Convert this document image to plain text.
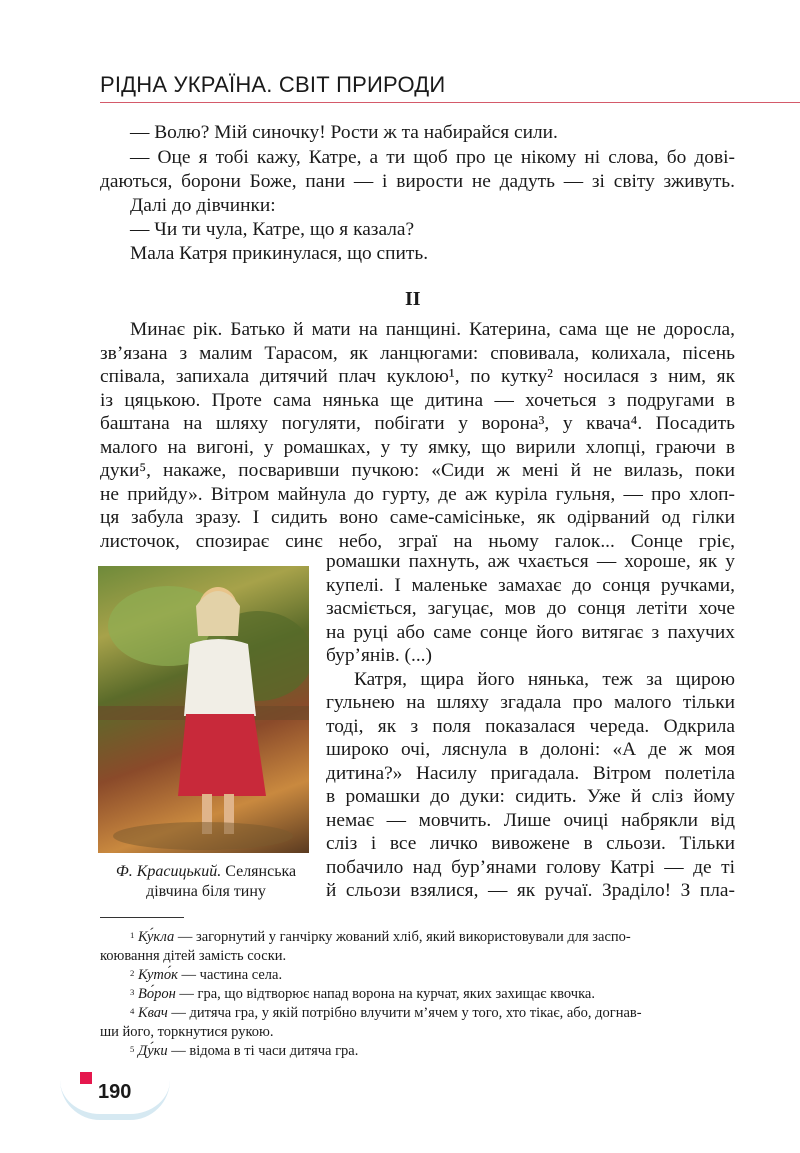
РІДНА УКРАЇНА. СВІТ ПРИРОДИ
— Волю? Мій синочку! Рости ж та набирайся сили.
— Оце я тобі кажу, Катре, а ти щоб про це нікому ні слова, бо дові-
даються, борони Боже, пани — і вирости не дадуть — зі світу зживуть.
Далі до дівчинки:
— Чи ти чула, Катре, що я казала?
Мала Катря прикинулася, що спить.
II
Минає рік. Батько й мати на панщині. Катерина, сама ще не доросла,
зв’язана з малим Тарасом, як ланцюгами: сповивала, колихала, пісень
співала, запихала дитячий плач куклою¹, по кутку² носилася з ним, як
із цяцькою. Проте сама нянька ще дитина — хочеться з подругами в
баштана на шляху погуляти, побігати у ворона³, у квача⁴. Посадить
малого на вигоні, у ромашках, у ту ямку, що вирили хлопці, граючи в
дуки⁵, накаже, посваривши пучкою: «Сиди ж мені й не вилазь, поки
не прийду». Вітром майнула до гурту, де аж куріла гульня, — про хлоп-
ця забула зразу. І сидить воно саме-самісіньке, як одірваний од гілки
листочок, спозирає синє небо, зграї на ньому галок... Сонце гріє,
Ф. Красицький. Селянська
дівчина біля тину
ромашки пахнуть, аж чхається — хороше, як у
купелі. І маленьке замахає до сонця ручками,
засміється, загуцає, мов до сонця летіти хоче
на руці або саме сонце його витягає з пахучих
бур’янів. (...)
Катря, щира його нянька, теж за щирою
гульнею на шляху згадала про малого тільки
тоді, як з поля показалася череда. Одкрила
широко очі, ляснула в долоні: «А де ж моя
дитина?» Насилу пригадала. Вітром полетіла
в ромашки до дуки: сидить. Уже й сліз йому
немає — мовчить. Лише очиці набрякли від
сліз і все личко вивожене в сльози. Тільки
побачило над бур’янами голову Катрі — де ті
й сльози взялися, — як ручаї. Зраділо! З пла-
$^1$ Ку́кла — загорнутий у ганчірку жований хліб, який використовували для заспо-
коювання дітей замість соски.
$^2$ Куто́к — частина села.
$^3$ Во́рон — гра, що відтворює напад ворона на курчат, яких захищає квочка.
$^4$ Квач — дитяча гра, у якій потрібно влучити м’ячем у того, хто тікає, або, догнав-
ши його, торкнутися рукою.
$^5$ Ду́ки — відома в ті часи дитяча гра.
190
